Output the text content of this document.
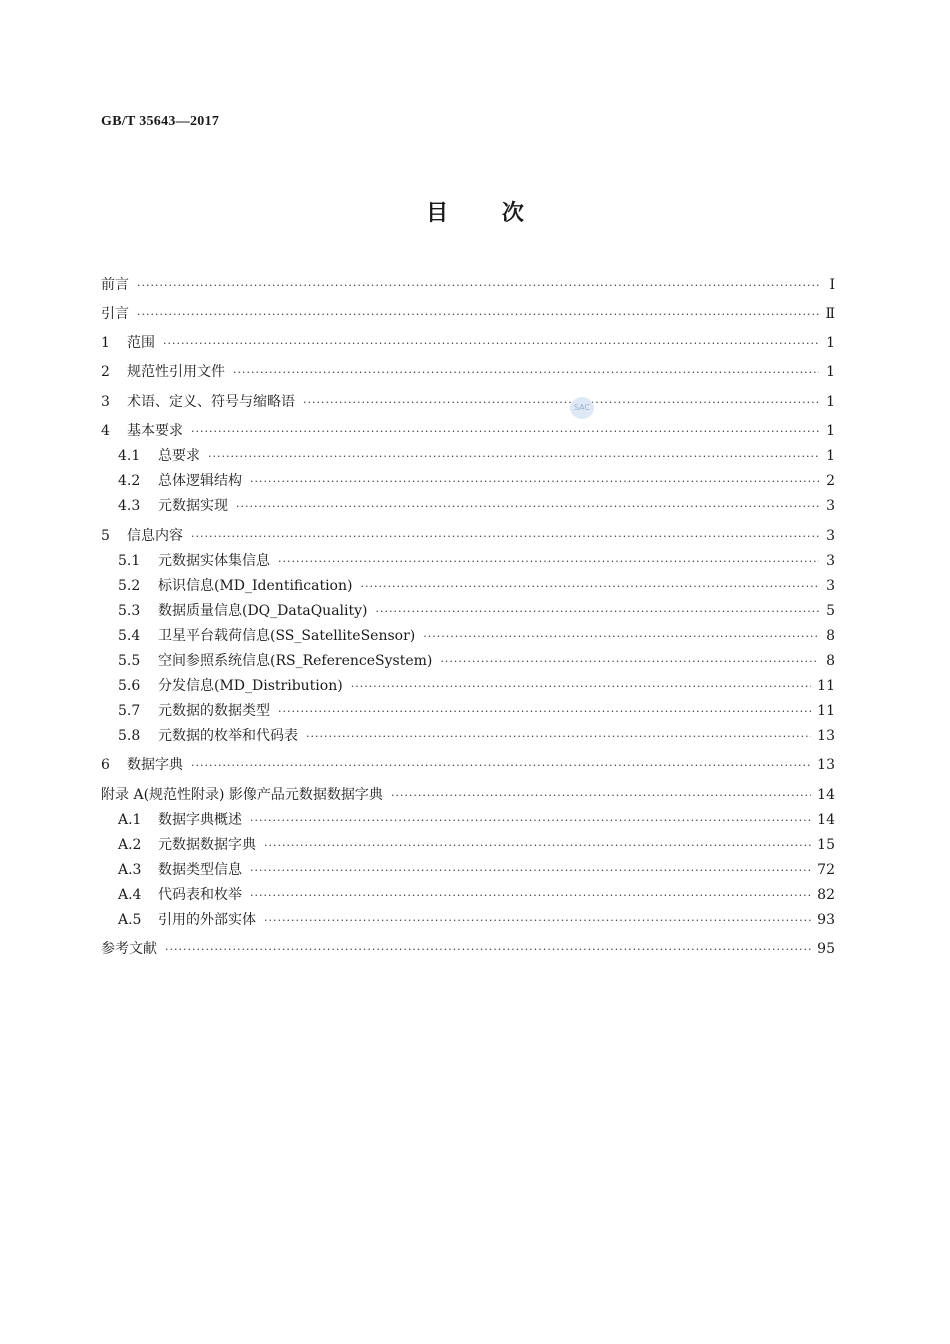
GB/T 35643—2017
目 次
前言 ·····	Ⅰ
引言 ·····	Ⅱ
1	范围 ·····	1
2	规范性引用文件 ·····	1
3	术语、定义、符号与缩略语 ·····	1
4	基本要求 ·····	1
4.1	总要求 ·····	1
4.2	总体逻辑结构 ·····	2
4.3	元数据实现 ·····	3
5	信息内容 ·····	3
5.1	元数据实体集信息 ·····	3
5.2	标识信息(MD_Identification) ·····	3
5.3	数据质量信息(DQ_DataQuality) ·····	5
5.4	卫星平台载荷信息(SS_SatelliteSensor) ·····	8
5.5	空间参照系统信息(RS_ReferenceSystem) ·····	8
5.6	分发信息(MD_Distribution) ·····	11
5.7	元数据的数据类型 ·····	11
5.8	元数据的枚举和代码表 ·····	13
6	数据字典 ·····	13
附录 A (规范性附录) 影像产品元数据数据字典 ·····	14
A.1	数据字典概述 ·····	14
A.2	元数据数据字典 ·····	15
A.3	数据类型信息 ·····	72
A.4	代码表和枚举 ·····	82
A.5	引用的外部实体 ·····	93
参考文献 ·····	95
SAC
